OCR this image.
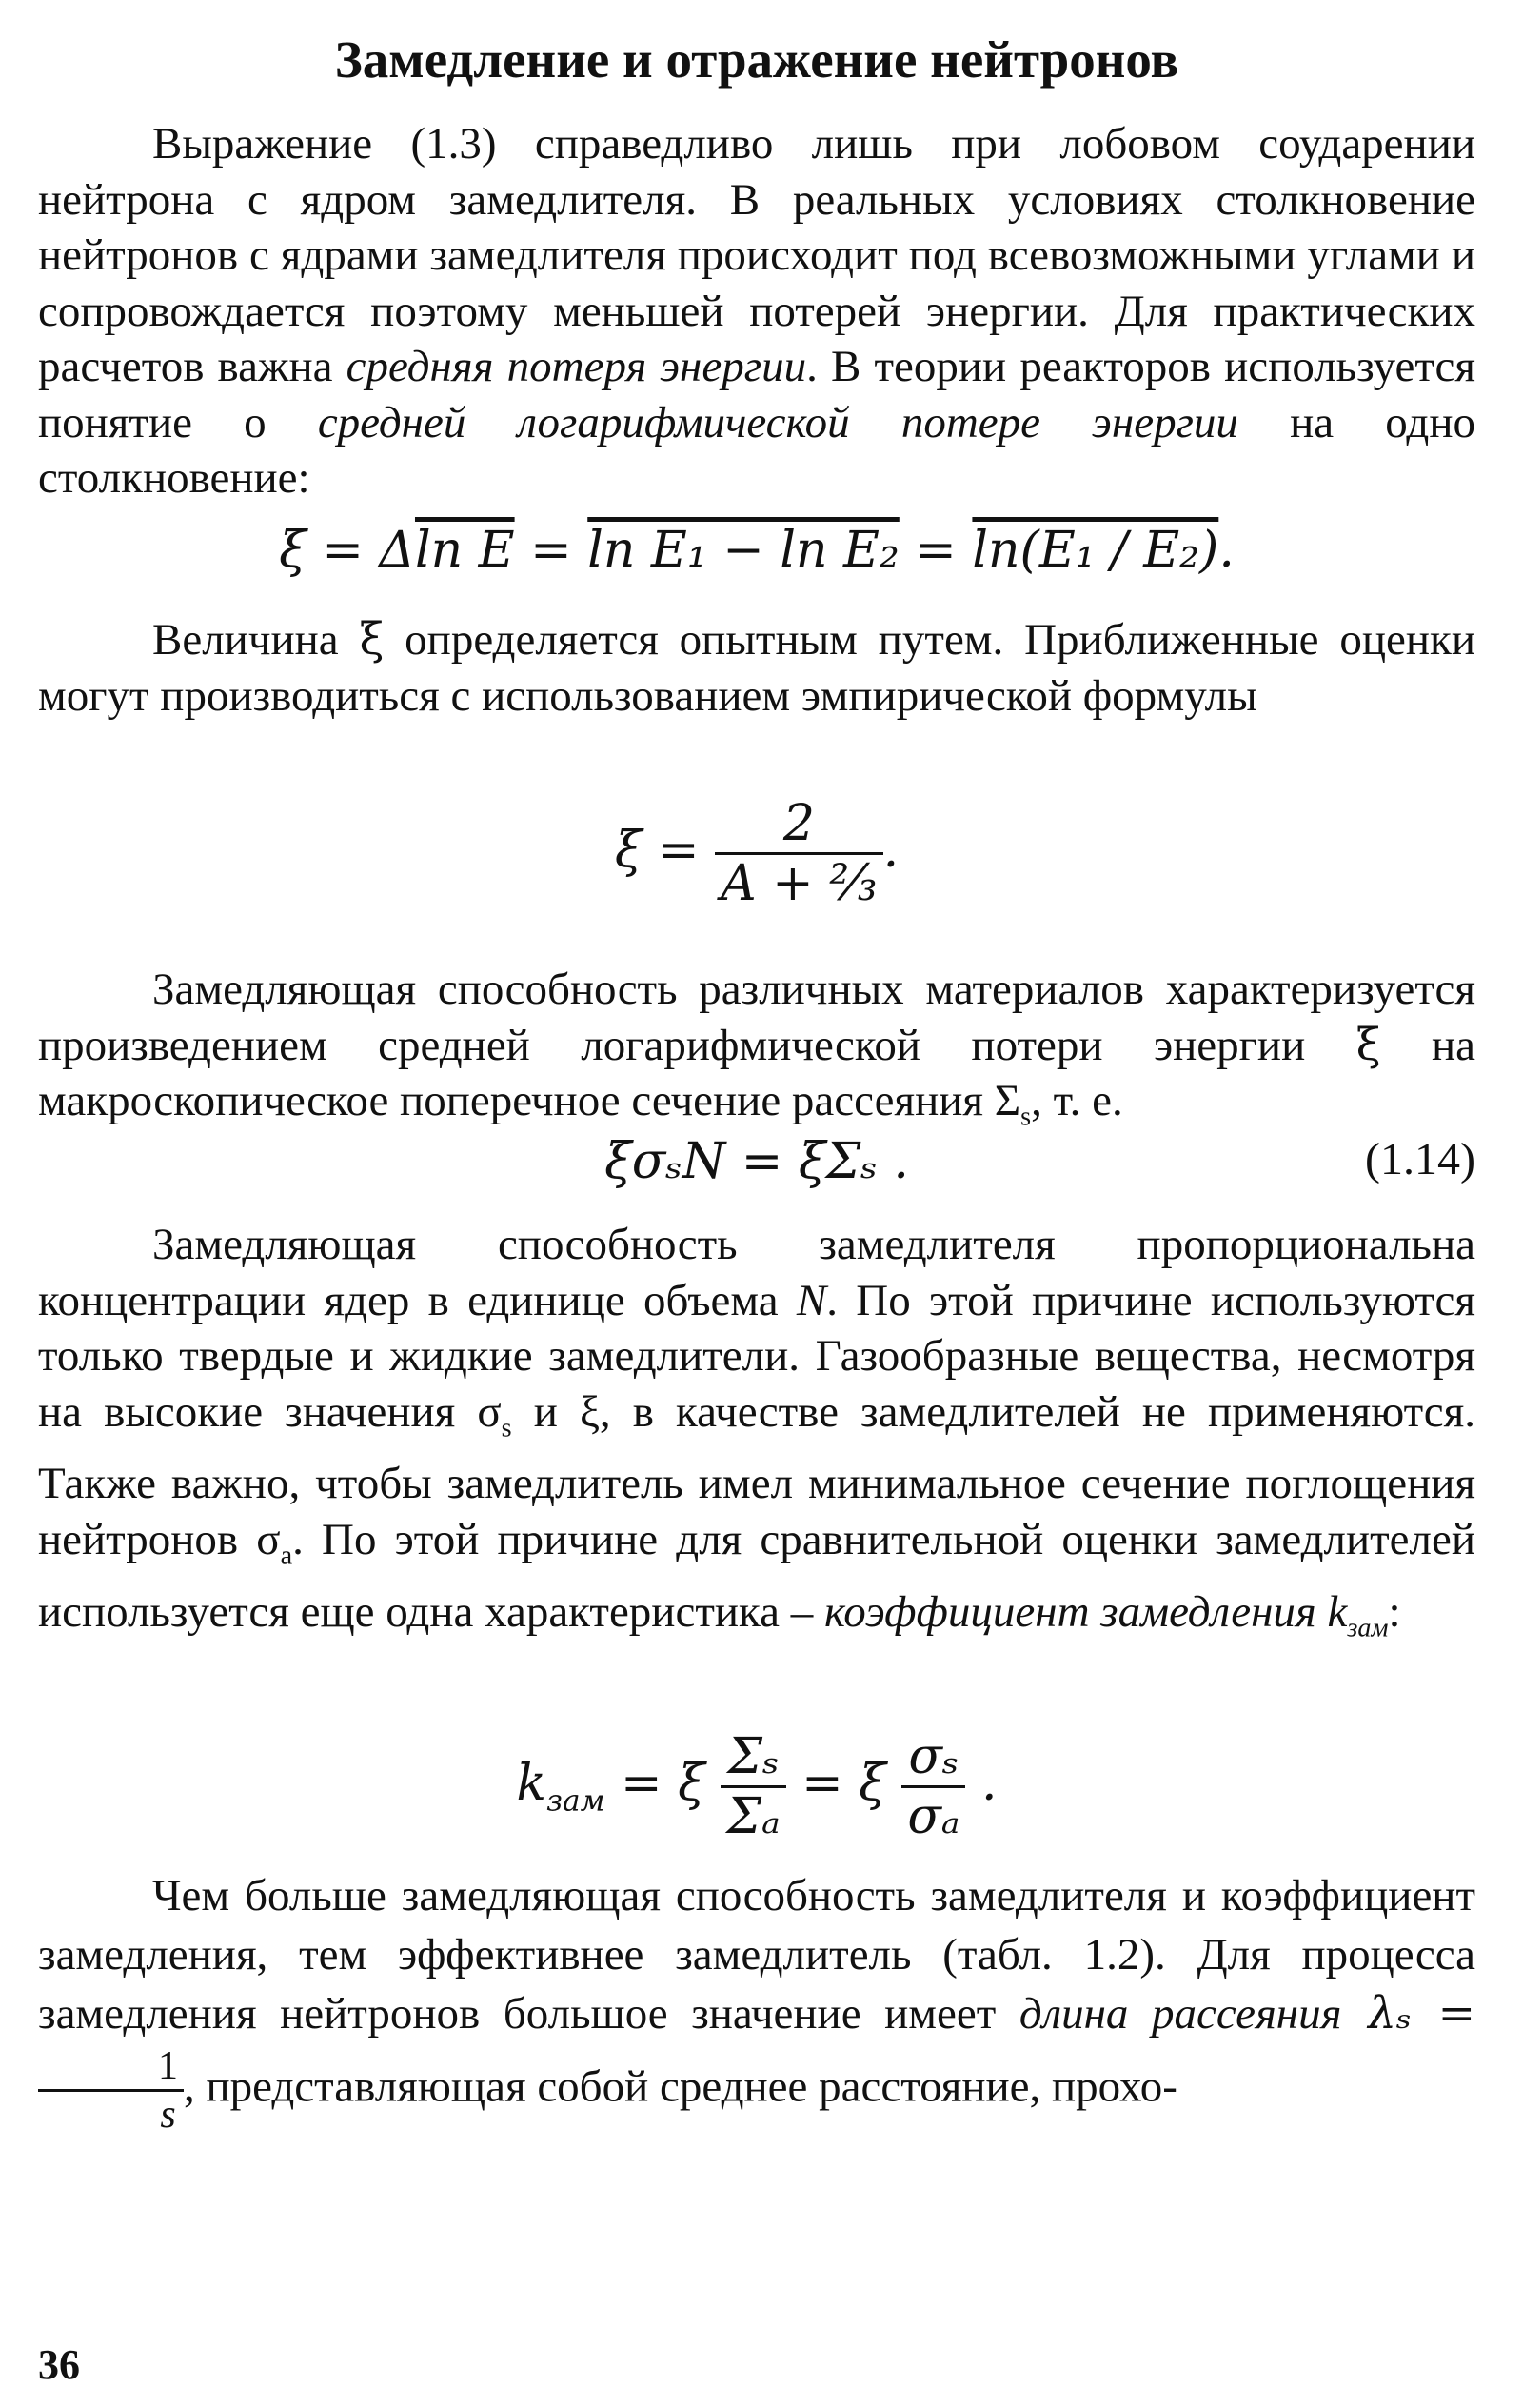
Замедление и отражение нейтронов

Выражение (1.3) справедливо лишь при лобовом соударении нейтрона с ядром замедлителя. В реальных условиях столкновение нейтронов с ядрами замедлителя происходит под всевозможными углами и сопровождается поэтому меньшей потерей энергии. Для практических расчетов важна средняя потеря энергии. В теории реакторов используется понятие о средней логарифмической потере энергии на одно столкновение:

ξ = Δln E = ln E₁ − ln E₂ = ln(E₁ / E₂).

Величина ξ определяется опытным путем. Приближенные оценки могут производиться с использованием эмпирической формулы

$\xi = \frac{2}{\text{A + ²⁄₃}}$ .

Замедляющая способность различных материалов характеризуется произведением средней логарифмической потери энергии ξ на макроскопическое поперечное сечение рассеяния $\Sigma_s$, т. е.

ξσₛN = ξΣₛ .	(1.14)

Замедляющая способность замедлителя пропорциональна концентрации ядер в единице объема N. По этой причине используются только твердые и жидкие замедлители. Газообразные вещества, несмотря на высокие значения $\sigma_s$ и ξ, в качестве замедлителей не применяются. Также важно, чтобы замедлитель имел минимальное сечение поглощения нейтронов $\sigma_a$. По этой причине для сравнительной оценки замедлителей используется еще одна характеристика – коэффициент замедления $k_{зам}$:

$k_{зам} = \xi \frac{\text{Σₛ}}{\text{Σₐ}} = \xi \frac{\text{σₛ}}{\text{σₐ}}$ .

Чем больше замедляющая способность замедлителя и коэффициент замедления, тем эффективнее замедлитель (табл. 1.2). Для процесса замедления нейтронов большое значение имеет длина рассеяния λₛ =
$\frac{1}{s}$ , представляющая собой среднее расстояние, прохо-

36
